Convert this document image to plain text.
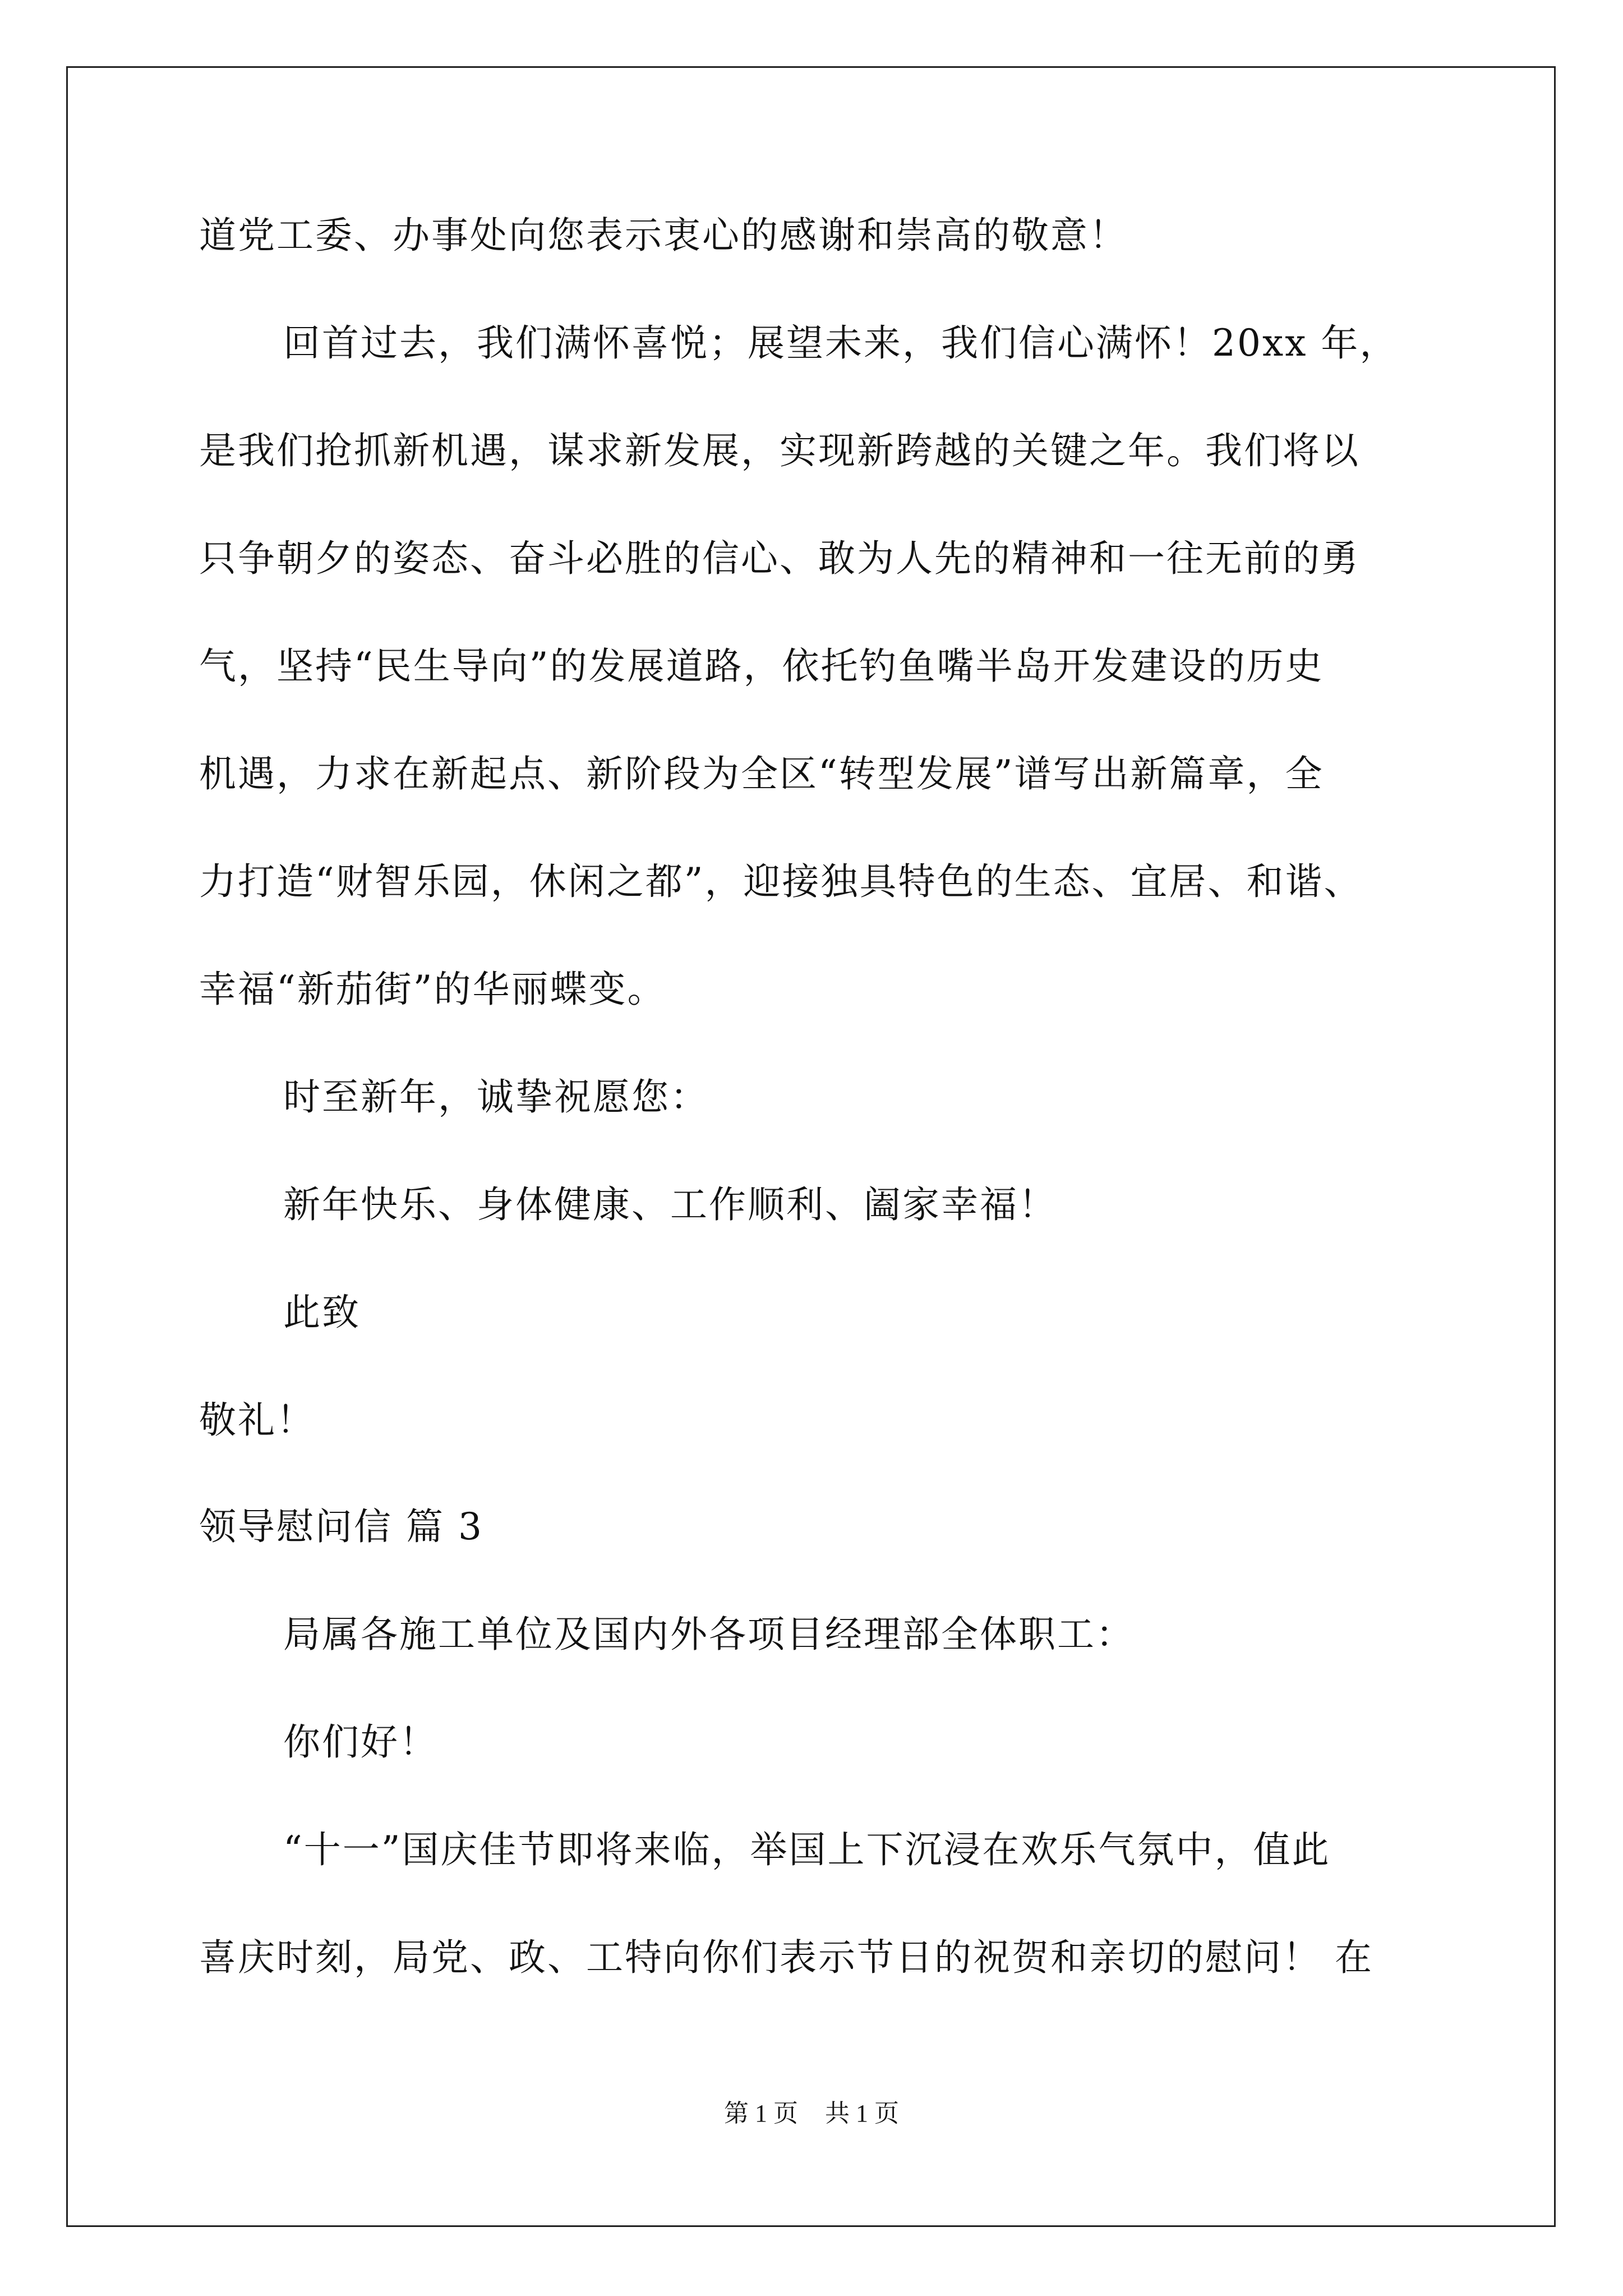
道党工委、办事处向您表示衷心的感谢和崇高的敬意！
回首过去，我们满怀喜悦；展望未来，我们信心满怀！20xx 年，
是我们抢抓新机遇，谋求新发展，实现新跨越的关键之年。我们将以
只争朝夕的姿态、奋斗必胜的信心、敢为人先的精神和一往无前的勇
气，坚持“民生导向”的发展道路，依托钓鱼嘴半岛开发建设的历史
机遇，力求在新起点、新阶段为全区“转型发展”谱写出新篇章，全
力打造“财智乐园，休闲之都”，迎接独具特色的生态、宜居、和谐、
幸福“新茄街”的华丽蝶变。
时至新年，诚挚祝愿您：
新年快乐、身体健康、工作顺利、阖家幸福！
此致
敬礼！
领导慰问信 篇 3
局属各施工单位及国内外各项目经理部全体职工：
你们好！
“十一”国庆佳节即将来临，举国上下沉浸在欢乐气氛中，值此
喜庆时刻，局党、政、工特向你们表示节日的祝贺和亲切的慰问！ 在
第 1 页 共 1 页
